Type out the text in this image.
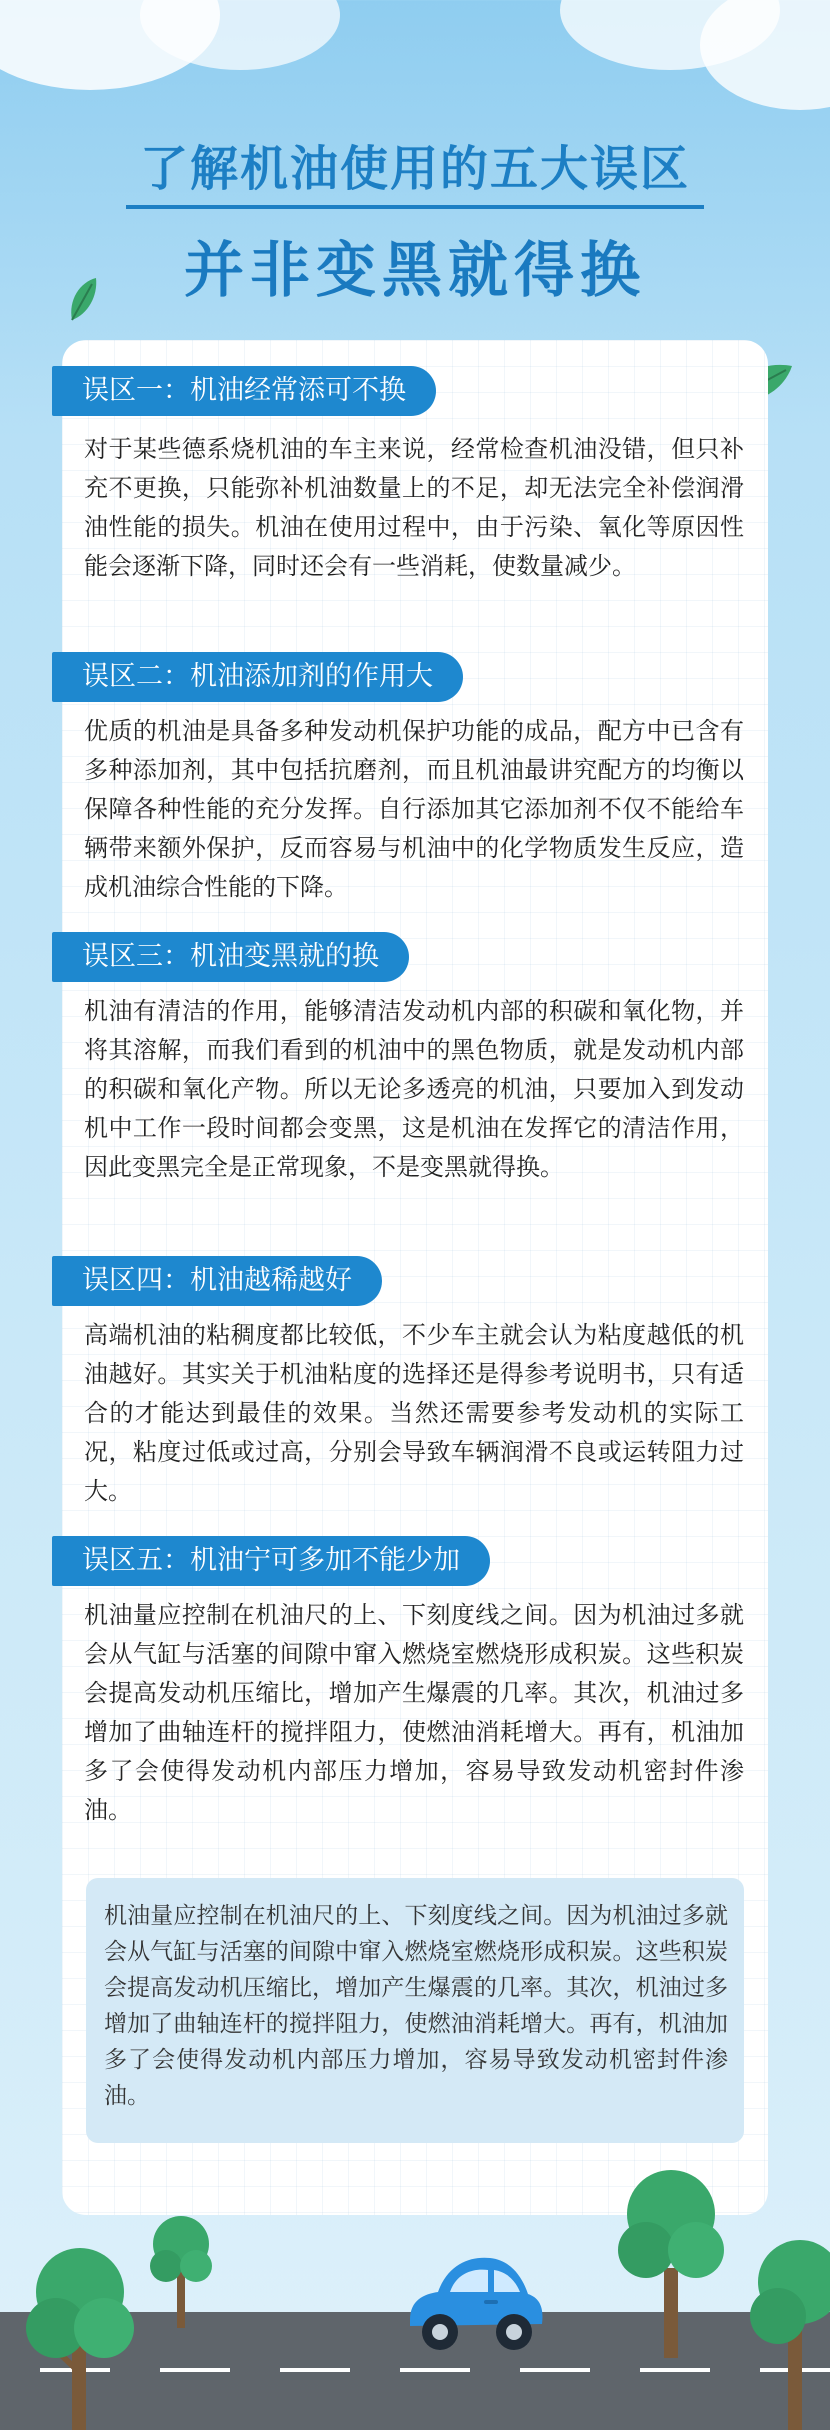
了解机油使用的五大误区
并非变黑就得换
误区一：机油经常添可不换

对于某些德系烧机油的车主来说，经常检查机油没错，但只补充不更换，只能弥补机油数量上的不足，却无法完全补偿润滑油性能的损失。机油在使用过程中，由于污染、氧化等原因性能会逐渐下降，同时还会有一些消耗，使数量减少。

误区二：机油添加剂的作用大

优质的机油是具备多种发动机保护功能的成品，配方中已含有多种添加剂，其中包括抗磨剂，而且机油最讲究配方的均衡以保障各种性能的充分发挥。自行添加其它添加剂不仅不能给车辆带来额外保护，反而容易与机油中的化学物质发生反应，造成机油综合性能的下降。

误区三：机油变黑就的换

机油有清洁的作用，能够清洁发动机内部的积碳和氧化物，并将其溶解，而我们看到的机油中的黑色物质，就是发动机内部的积碳和氧化产物。所以无论多透亮的机油，只要加入到发动机中工作一段时间都会变黑，这是机油在发挥它的清洁作用，因此变黑完全是正常现象，不是变黑就得换。

误区四：机油越稀越好

高端机油的粘稠度都比较低，不少车主就会认为粘度越低的机油越好。其实关于机油粘度的选择还是得参考说明书，只有适合的才能达到最佳的效果。当然还需要参考发动机的实际工况，粘度过低或过高，分别会导致车辆润滑不良或运转阻力过大。

误区五：机油宁可多加不能少加

机油量应控制在机油尺的上、下刻度线之间。因为机油过多就会从气缸与活塞的间隙中窜入燃烧室燃烧形成积炭。这些积炭会提高发动机压缩比，增加产生爆震的几率。其次，机油过多增加了曲轴连杆的搅拌阻力，使燃油消耗增大。再有，机油加多了会使得发动机内部压力增加，容易导致发动机密封件渗油。

机油量应控制在机油尺的上、下刻度线之间。因为机油过多就会从气缸与活塞的间隙中窜入燃烧室燃烧形成积炭。这些积炭会提高发动机压缩比，增加产生爆震的几率。其次，机油过多增加了曲轴连杆的搅拌阻力，使燃油消耗增大。再有，机油加多了会使得发动机内部压力增加，容易导致发动机密封件渗油。
